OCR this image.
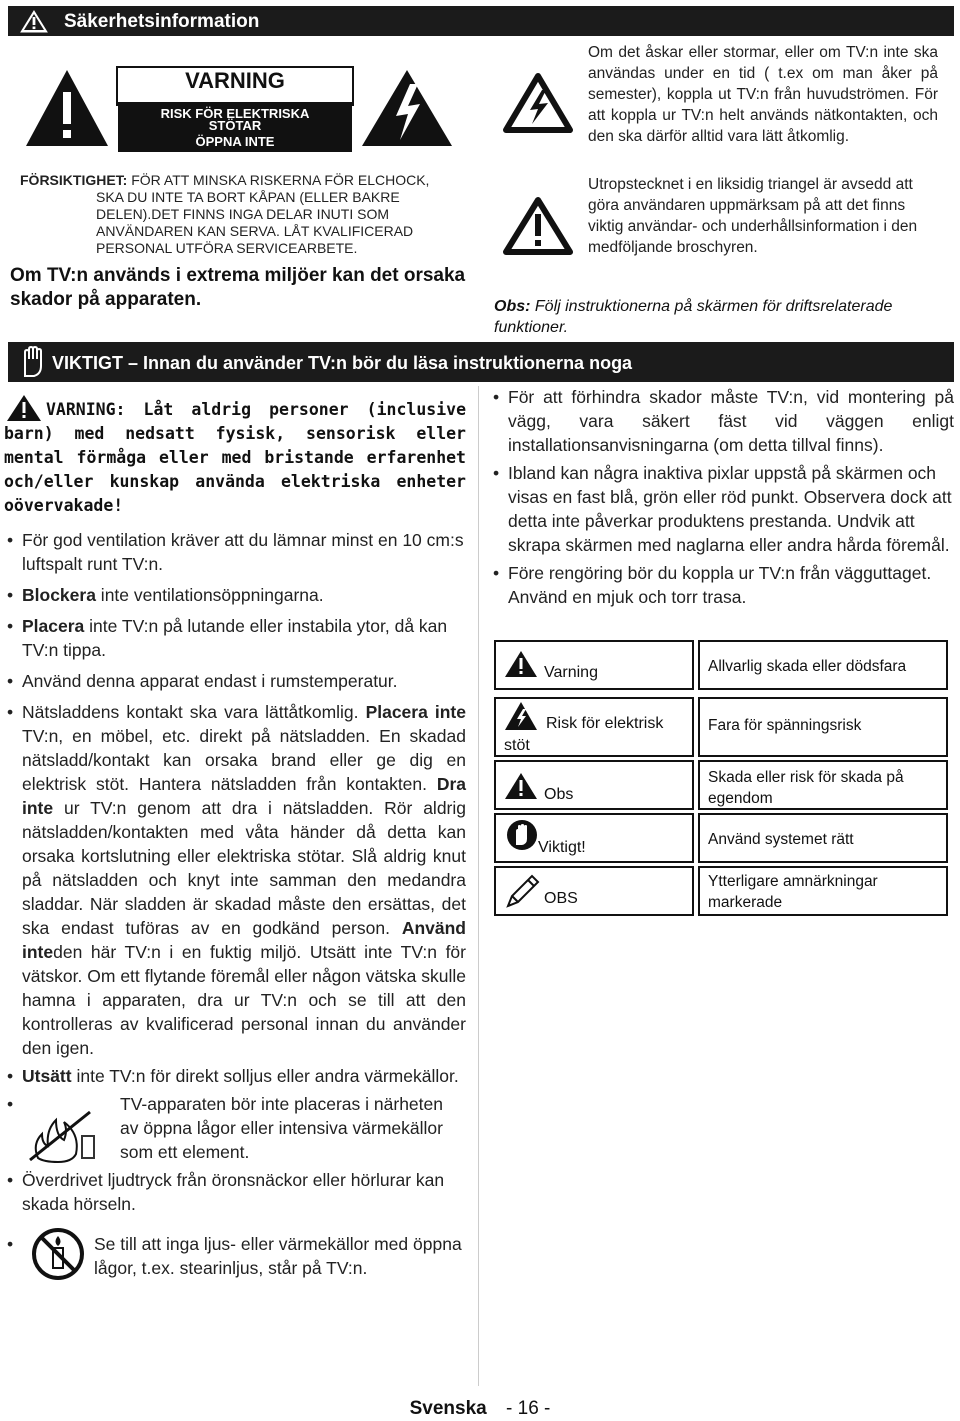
Säkerhetsinformation
VARNING
RISK FÖR ELEKTRISKA
STÖTAR
ÖPPNA INTE
FÖRSIKTIGHET: FÖR ATT MINSKA RISKERNA FÖR ELCHOCK,
SKA DU INTE TA BORT KÅPAN (ELLER BAKRE
DELEN).DET FINNS INGA DELAR INUTI SOM
ANVÄNDAREN KAN SERVA. LÅT KVALIFICERAD
PERSONAL UTFÖRA SERVICEARBETE.
Om TV:n används i extrema miljöer kan det orsaka
skador på apparaten.

Om det åskar eller stormar, eller om TV:n inte ska användas under en tid ( t.ex om man åker på semester), koppla ut TV:n från huvudströmen. För att koppla ur TV:n helt används nätkontakten, och den ska därför alltid vara lätt åtkomlig.

Utropstecknet i en liksidig triangel är avsedd att göra användaren uppmärksam på att det finns viktig användar- och underhållsinformation i den medföljande broschyren.

Obs: Följ instruktionerna på skärmen för driftsrelaterade funktioner.

VIKTIGT – Innan du använder TV:n bör du läsa instruktionerna noga

VARNING: Låt aldrig personer (inclusive barn) med nedsatt fysisk, sensorisk eller mental förmåga eller med bristande erfarenhet och/eller kunskap använda elektriska enheter oövervakade!

• För god ventilation kräver att du lämnar minst en 10 cm:s luftspalt runt TV:n.
• Blockera inte ventilationsöppningarna.
• Placera inte TV:n på lutande eller instabila ytor, då kan TV:n tippa.
• Använd denna apparat endast i rumstemperatur.
• Nätsladdens kontakt ska vara lättåtkomlig. Placera inte TV:n, en möbel, etc. direkt på nätsladden. En skadad nätsladd/kontakt kan orsaka brand eller ge dig en elektrisk stöt. Hantera nätsladden från kontakten. Dra inte ur TV:n genom att dra i nätsladden. Rör aldrig nätsladden/kontakten med våta händer då detta kan orsaka kortslutning eller elektriska stötar. Slå aldrig knut på nätsladden och knyt inte samman den medandra sladdar. När sladden är skadad måste den ersättas, det ska endast tuföras av en godkänd person. Använd inteden här TV:n i en fuktig miljö. Utsätt inte TV:n för vätskor. Om ett flytande föremål eller någon vätska skulle hamna i apparaten, dra ur TV:n och se till att den kontrolleras av kvalificerad personal innan du använder den igen.
• Utsätt inte TV:n för direkt solljus eller andra värmekällor.
• TV-apparaten bör inte placeras i närheten av öppna lågor eller intensiva värmekällor som ett element.
• Överdrivet ljudtryck från öronsnäckor eller hörlurar kan skada hörseln.
• Se till att inga ljus- eller värmekällor med öppna lågor, t.ex. stearinljus, står på TV:n.
• För att förhindra skador måste TV:n, vid montering på vägg, vara säkert fäst vid väggen enligt installationsanvisningarna (om detta tillval finns).
• Ibland kan några inaktiva pixlar uppstå på skärmen och visas en fast blå, grön eller röd punkt. Observera dock att detta inte påverkar produktens prestanda. Undvik att skrapa skärmen med naglarna eller andra hårda föremål.
• Före rengöring bör du koppla ur TV:n från vägguttaget. Använd en mjuk och torr trasa.
Varning	Allvarlig skada eller dödsfara
Risk för elektrisk stöt
Fara för spänningsrisk
Obs
Skada eller risk för skada på egendom
Viktigt!	Använd systemet rätt
OBS
Ytterligare amnärkningar markerade
Svenska - 16 -
